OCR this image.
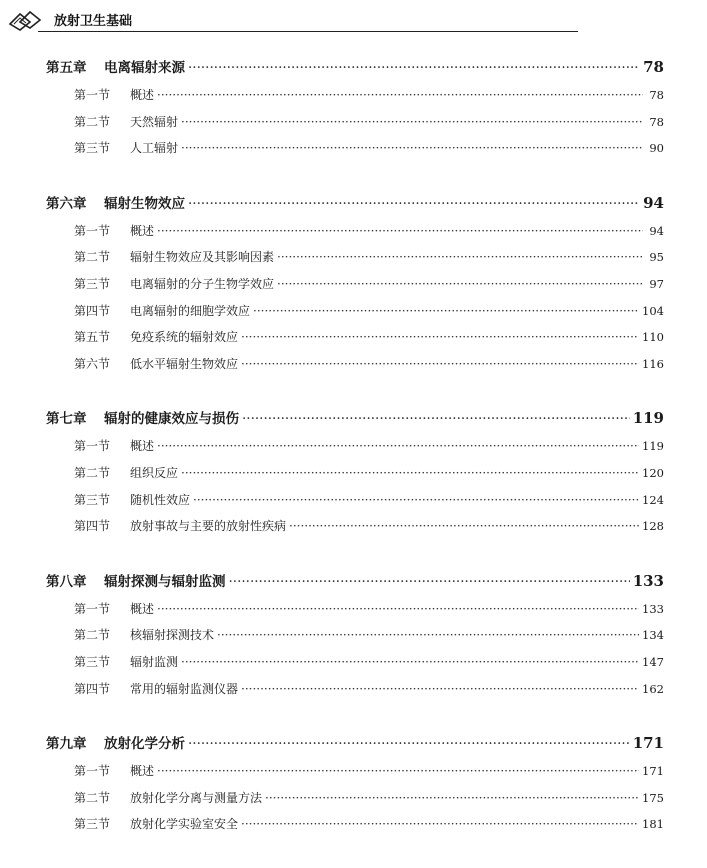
放射卫生基础
第五章	电离辐射来源 ·····	78
第一节	概述 ·····	78
第二节	天然辐射 ·····	78
第三节	人工辐射 ·····	90
第六章	辐射生物效应 ·····	94
第一节	概述 ·····	94
第二节	辐射生物效应及其影响因素 ·····	95
第三节	电离辐射的分子生物学效应 ·····	97
第四节	电离辐射的细胞学效应 ·····	104
第五节	免疫系统的辐射效应 ·····	110
第六节	低水平辐射生物效应 ·····	116
第七章	辐射的健康效应与损伤 ·····	119
第一节	概述 ·····	119
第二节	组织反应 ·····	120
第三节	随机性效应 ·····	124
第四节	放射事故与主要的放射性疾病 ·····	128
第八章	辐射探测与辐射监测 ·····	133
第一节	概述 ·····	133
第二节	核辐射探测技术 ·····	134
第三节	辐射监测 ·····	147
第四节	常用的辐射监测仪器 ·····	162
第九章	放射化学分析 ·····	171
第一节	概述 ·····	171
第二节	放射化学分离与测量方法 ·····	175
第三节	放射化学实验室安全 ·····	181
